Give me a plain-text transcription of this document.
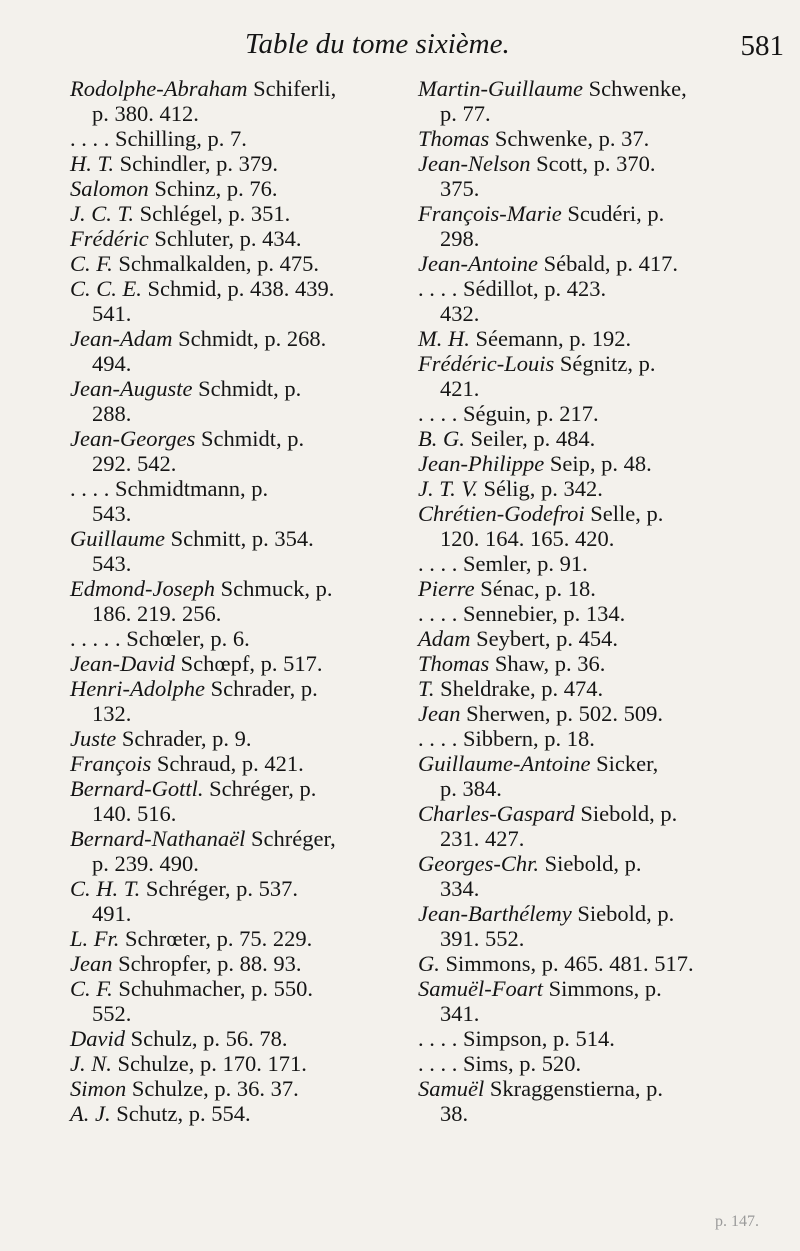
Table du tome sixième.	581
Rodolphe-Abraham Schiferli,
p. 380. 412.
. . . . Schilling, p. 7.
H. T. Schindler, p. 379.
Salomon Schinz, p. 76.
J. C. T. Schlégel, p. 351.
Frédéric Schluter, p. 434.
C. F. Schmalkalden, p. 475.
C. C. E. Schmid, p. 438. 439.
541.
Jean-Adam Schmidt, p. 268.
494.
Jean-Auguste Schmidt, p.
288.
Jean-Georges Schmidt, p.
292. 542.
. . . . Schmidtmann, p.
543.
Guillaume Schmitt, p. 354.
543.
Edmond-Joseph Schmuck, p.
186. 219. 256.
. . . . . Schœler, p. 6.
Jean-David Schœpf, p. 517.
Henri-Adolphe Schrader, p.
132.
Juste Schrader, p. 9.
François Schraud, p. 421.
Bernard-Gottl. Schréger, p.
140. 516.
Bernard-Nathanaël Schréger,
p. 239. 490.
C. H. T. Schréger, p. 537.
491.
L. Fr. Schrœter, p. 75. 229.
Jean Schropfer, p. 88. 93.
C. F. Schuhmacher, p. 550.
552.
David Schulz, p. 56. 78.
J. N. Schulze, p. 170. 171.
Simon Schulze, p. 36. 37.
A. J. Schutz, p. 554.
Martin-Guillaume Schwenke,
p. 77.
Thomas Schwenke, p. 37.
Jean-Nelson Scott, p. 370.
375.
François-Marie Scudéri, p.
298.
Jean-Antoine Sébald, p. 417.
. . . . Sédillot, p. 423.
432.
M. H. Séemann, p. 192.
Frédéric-Louis Ségnitz, p.
421.
. . . . Séguin, p. 217.
B. G. Seiler, p. 484.
Jean-Philippe Seip, p. 48.
J. T. V. Sélig, p. 342.
Chrétien-Godefroi Selle, p.
120. 164. 165. 420.
. . . . Semler, p. 91.
Pierre Sénac, p. 18.
. . . . Sennebier, p. 134.
Adam Seybert, p. 454.
Thomas Shaw, p. 36.
T. Sheldrake, p. 474.
Jean Sherwen, p. 502. 509.
. . . . Sibbern, p. 18.
Guillaume-Antoine Sicker,
p. 384.
Charles-Gaspard Siebold, p.
231. 427.
Georges-Chr. Siebold, p.
334.
Jean-Barthélemy Siebold, p.
391. 552.
G. Simmons, p. 465. 481. 517.
Samuël-Foart Simmons, p.
341.
. . . . Simpson, p. 514.
. . . . Sims, p. 520.
Samuël Skraggenstierna, p.
38.
p. 147.
